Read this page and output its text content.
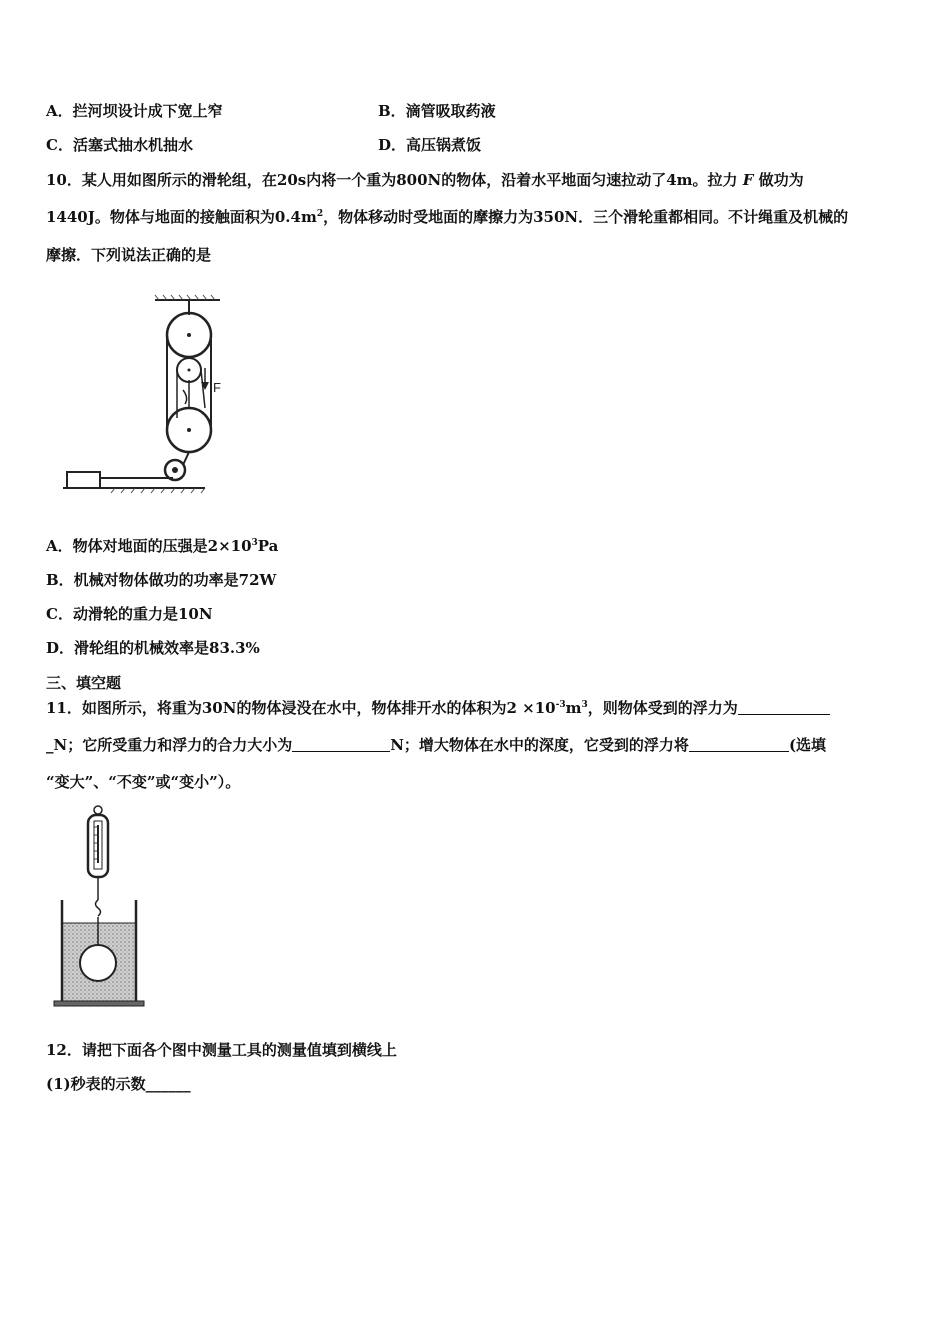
A．拦河坝设计成下宽上窄	B．滴管吸取药液
C．活塞式抽水机抽水	D．高压锅煮饭
10．某人用如图所示的滑轮组，在20s内将一个重为800N的物体，沿着水平地面匀速拉动了4m。拉力 F 做功为
1440J。物体与地面的接触面积为$0.4m^2$，物体移动时受地面的摩擦力为350N．三个滑轮重都相同。不计绳重及机械的
摩擦．下列说法正确的是
F
A．物体对地面的压强是$2\times 10^3Pa$
B．机械对物体做功的功率是72W
C．动滑轮的重力是10N
D．滑轮组的机械效率是83.3%
三、填空题
11．如图所示，将重为30N的物体浸没在水中，物体排开水的体积为$2 \times 10^{-3}m^3$，则物体受到的浮力为
_N；它所受重力和浮力的合力大小为	N；增大物体在水中的深度，它受到的浮力将	(选填
“变大”、“不变”或“变小”）。
12．请把下面各个图中测量工具的测量值填到横线上
(1)秒表的示数______
